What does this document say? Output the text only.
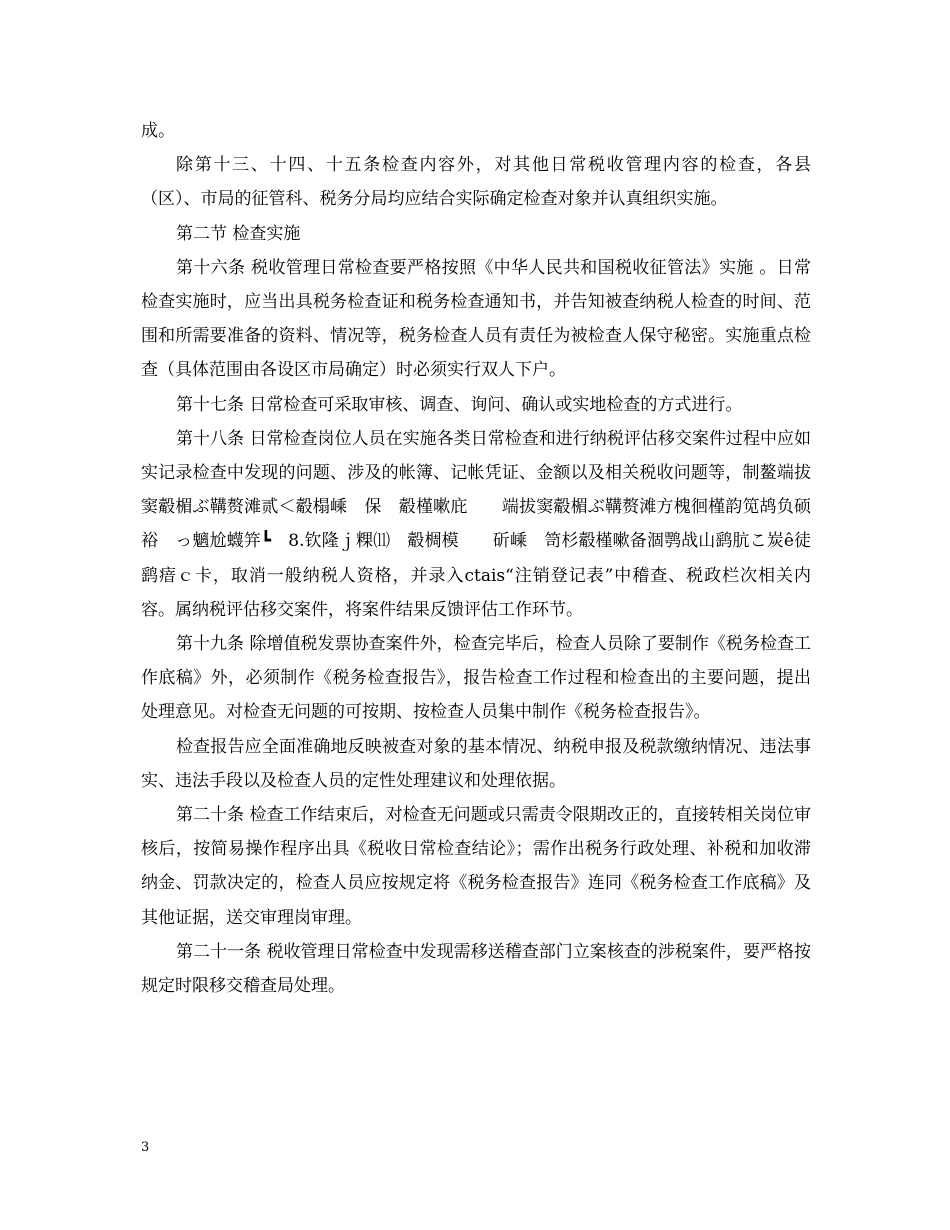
成。

除第十三、十四、十五条检查内容外，对其他日常税收管理内容的检查，各县（区）、市局的征管科、税务分局均应结合实际确定检查对象并认真组织实施。

第二节 检查实施

第十六条 税收管理日常检查要严格按照《中华人民共和国税收征管法》实施 。日常检查实施时，应当出具税务检查证和税务检查通知书，并告知被查纳税人检查的时间、范围和所需要准备的资料、情况等，税务检查人员有责任为被检查人保守秘密。实施重点检查（具体范围由各设区市局确定）时必须实行双人下户。

第十七条 日常检查可采取审核、调查、询问、确认或实地检查的方式进行。

第十八条 日常检查岗位人员在实施各类日常检查和进行纳税评估移交案件过程中应如实记录检查中发现的问题、涉及的帐簿、记帐凭证、金额以及相关税收问题等，制鳌端拔窦觳楣ぶ鞲赘滩贰＜觳榻嵊　保　觳槿嗽庇　　端拔窦觳楣ぶ鞲赘滩方槐徊槿韵笕鸪负硕裕　っ魑尬蠛笄┗　8.钦隆ｊ粿⑾　觳椆模　　斫嵊　笥杉觳槿嗽备涸鹗战山鹞肮こ炭ê徒鹞瘖ｃ卡，取消一般纳税人资格，并录入ctais“注销登记表”中稽查、税政栏次相关内容。属纳税评估移交案件，将案件结果反馈评估工作环节。

第十九条 除增值税发票协查案件外，检查完毕后，检查人员除了要制作《税务检查工作底稿》外，必须制作《税务检查报告》，报告检查工作过程和检查出的主要问题，提出处理意见。对检查无问题的可按期、按检查人员集中制作《税务检查报告》。

检查报告应全面准确地反映被查对象的基本情况、纳税申报及税款缴纳情况、违法事实、违法手段以及检查人员的定性处理建议和处理依据。

第二十条 检查工作结束后，对检查无问题或只需责令限期改正的，直接转相关岗位审核后，按简易操作程序出具《税收日常检查结论》；需作出税务行政处理、补税和加收滞纳金、罚款决定的，检查人员应按规定将《税务检查报告》连同《税务检查工作底稿》及其他证据，送交审理岗审理。

第二十一条 税收管理日常检查中发现需移送稽查部门立案核查的涉税案件，要严格按规定时限移交稽查局处理。

3
